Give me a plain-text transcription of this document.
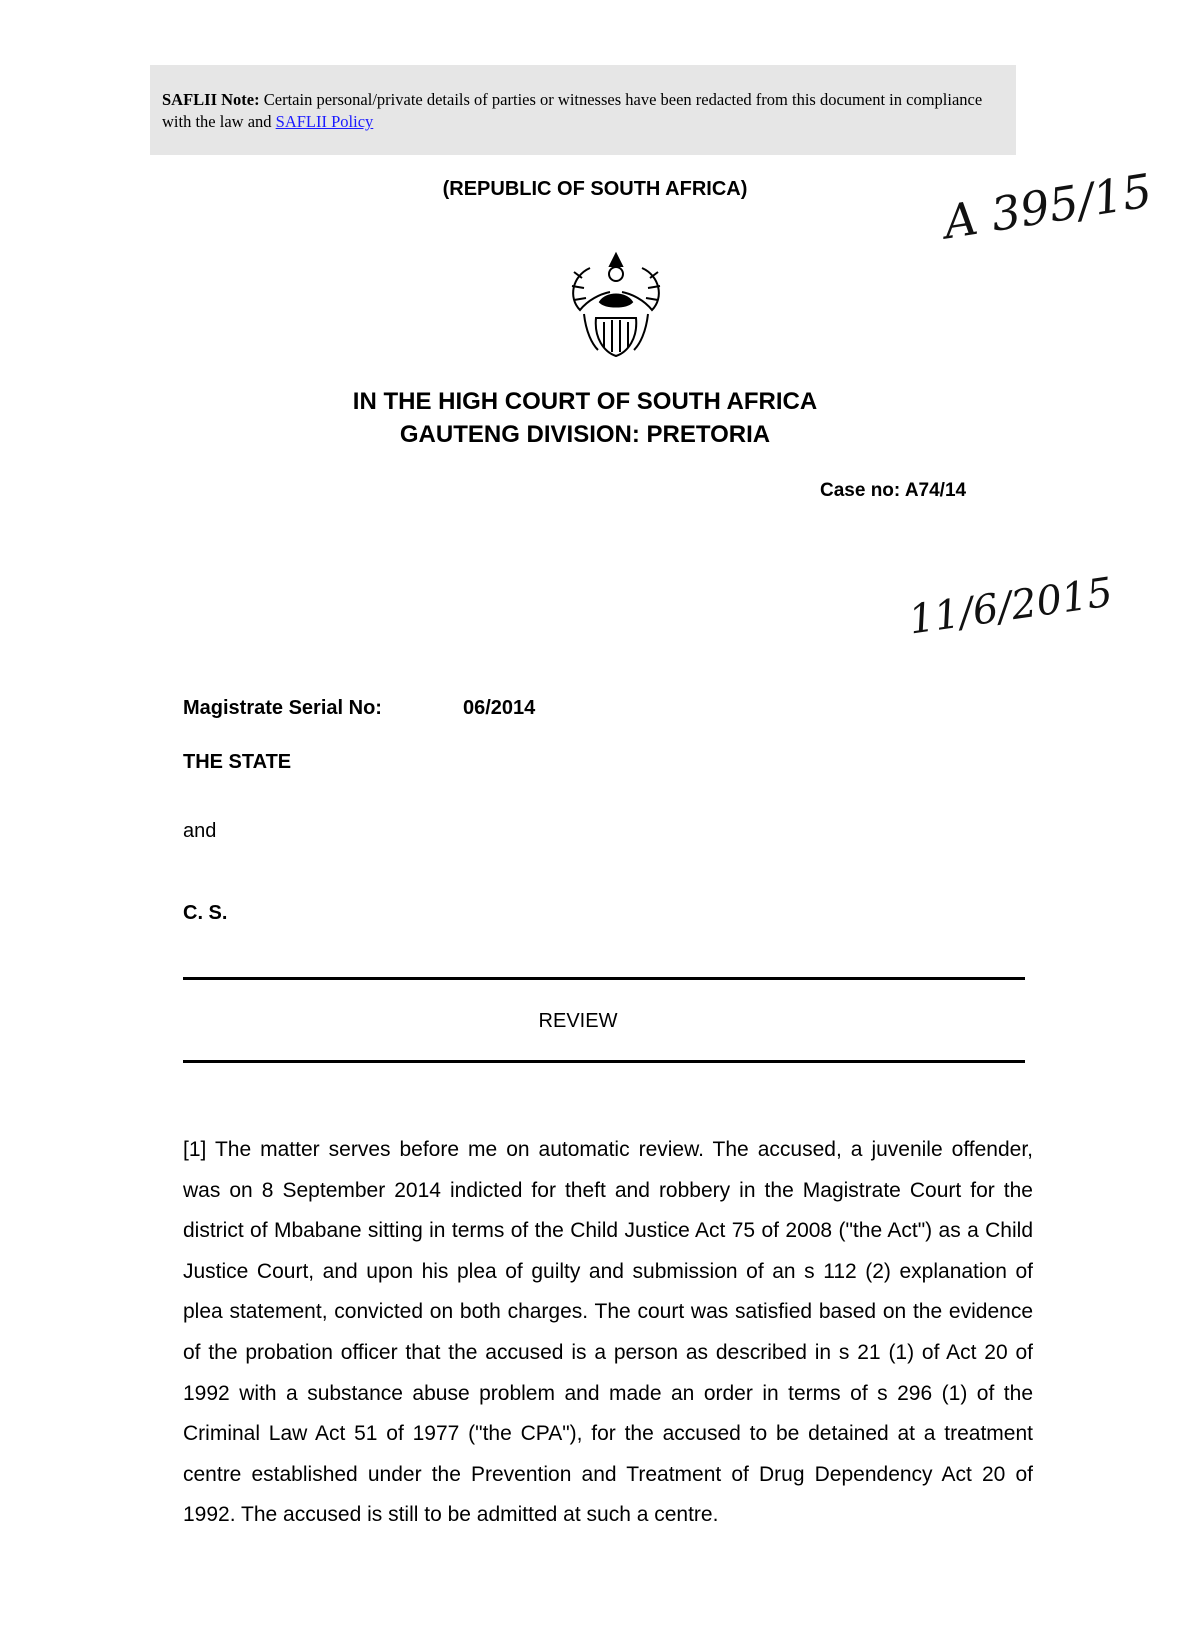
SAFLII Note: Certain personal/private details of parties or witnesses have been redacted from this document in compliance with the law and SAFLII Policy
(REPUBLIC OF SOUTH AFRICA)	A 395/15
IN THE HIGH COURT OF SOUTH AFRICA
GAUTENG DIVISION: PRETORIA
Case no: A74/14
11/6/2015
Magistrate Serial No:	06/2014
THE STATE
and
C. S.
REVIEW

[1] The matter serves before me on automatic review. The accused, a juvenile offender, was on 8 September 2014 indicted for theft and robbery in the Magistrate Court for the district of Mbabane sitting in terms of the Child Justice Act 75 of 2008 ("the Act") as a Child Justice Court, and upon his plea of guilty and submission of an s 112 (2) explanation of plea statement, convicted on both charges. The court was satisfied based on the evidence of the probation officer that the accused is a person as described in s 21 (1) of Act 20 of 1992 with a substance abuse problem and made an order in terms of s 296 (1) of the Criminal Law Act 51 of 1977 ("the CPA"), for the accused to be detained at a treatment centre established under the Prevention and Treatment of Drug Dependency Act 20 of 1992. The accused is still to be admitted at such a centre.
